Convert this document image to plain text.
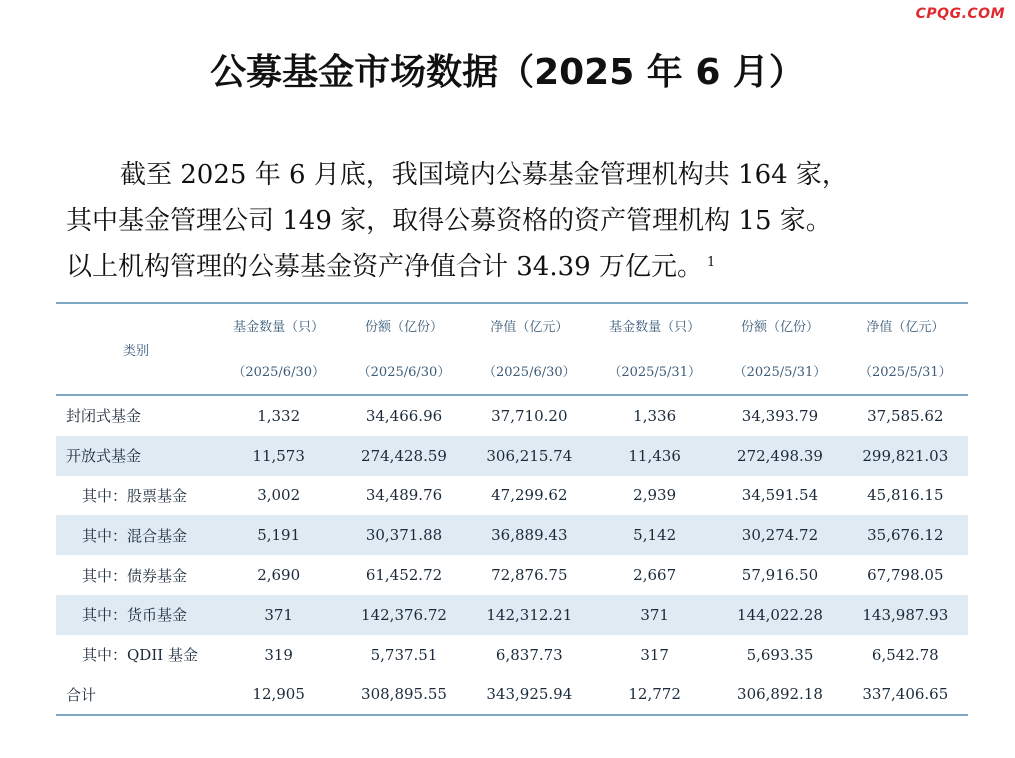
CPQG.COM
公募基金市场数据（2025 年 6 月）
截至 2025 年 6 月底，我国境内公募基金管理机构共 164 家，
其中基金管理公司 149 家，取得公募资格的资产管理机构 15 家。
以上机构管理的公募基金资产净值合计 34.39 万亿元。 $^1$
类别	基金数量（只）	份额（亿份）	净值（亿元）	基金数量（只）	份额（亿份）	净值（亿元）
	（2025/6/30）	（2025/6/30）	（2025/6/30）	（2025/5/31）	（2025/5/31）	（2025/5/31）
封闭式基金	1,332	34,466.96	37,710.20	1,336	34,393.79	37,585.62
开放式基金	11,573	274,428.59	306,215.74	11,436	272,498.39	299,821.03
其中：股票基金	3,002	34,489.76	47,299.62	2,939	34,591.54	45,816.15
其中：混合基金	5,191	30,371.88	36,889.43	5,142	30,274.72	35,676.12
其中：债券基金	2,690	61,452.72	72,876.75	2,667	57,916.50	67,798.05
其中：货币基金	371	142,376.72	142,312.21	371	144,022.28	143,987.93
其中：QDII 基金	319	5,737.51	6,837.73	317	5,693.35	6,542.78
合计	12,905	308,895.55	343,925.94	12,772	306,892.18	337,406.65
